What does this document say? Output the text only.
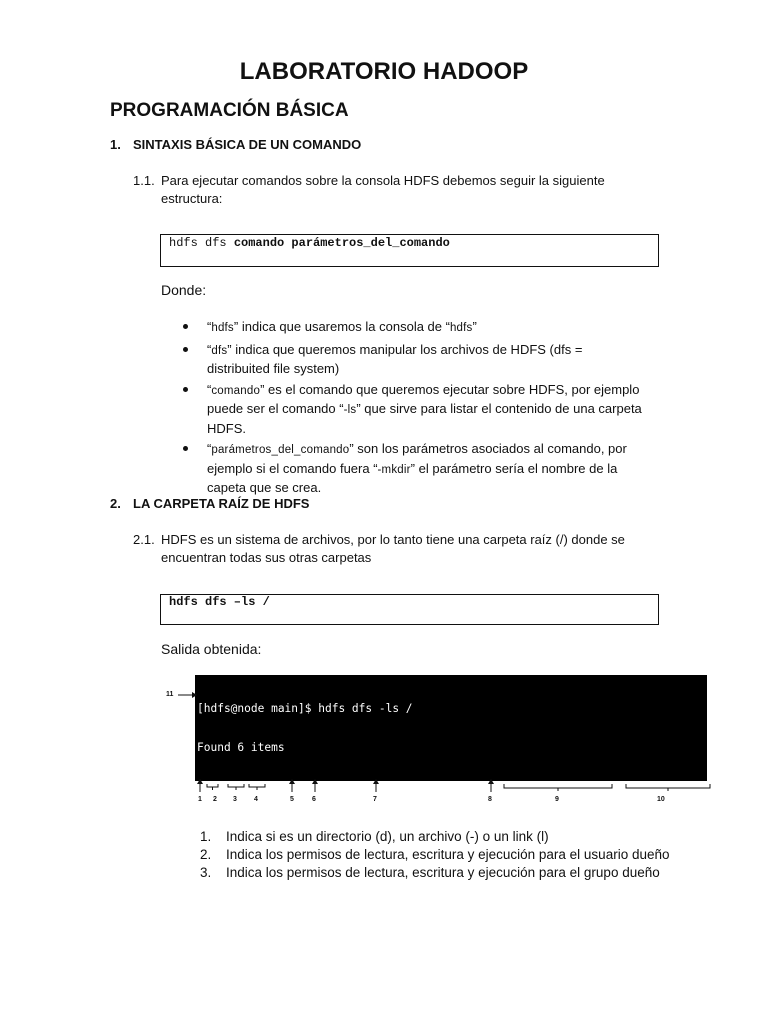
LABORATORIO HADOOP
PROGRAMACIÓN BÁSICA
1. SINTAXIS BÁSICA DE UN COMANDO
1.1. Para ejecutar comandos sobre la consola HDFS debemos seguir la siguiente
estructura:
hdfs dfs comando parámetros_del_comando
Donde:
“hdfs” indica que usaremos la consola de “hdfs”
“dfs” indica que queremos manipular los archivos de HDFS (dfs = distribuited file system)
“comando” es el comando que queremos ejecutar sobre HDFS, por ejemplo puede ser el comando “-ls” que sirve para listar el contenido de una carpeta HDFS.
“parámetros_del_comando” son los parámetros asociados al comando, por ejemplo si el comando fuera “-mkdir” el parámetro sería el nombre de la capeta que se crea.
2. LA CARPETA RAÍZ DE HDFS
2.1. HDFS es un sistema de archivos, por lo tanto tiene una carpeta raíz (/) donde se
encuentran todas sus otras carpetas
hdfs dfs –ls /
Salida obtenida:

[hdfs@node main]$ hdfs dfs -ls /

Found 6 items

11
1 2 3 4	5	6	7	8	9	10
1.	Indica si es un directorio (d), un archivo (-) o un link (l)
2.	Indica los permisos de lectura, escritura y ejecución para el usuario dueño
3.	Indica los permisos de lectura, escritura y ejecución para el grupo dueño
